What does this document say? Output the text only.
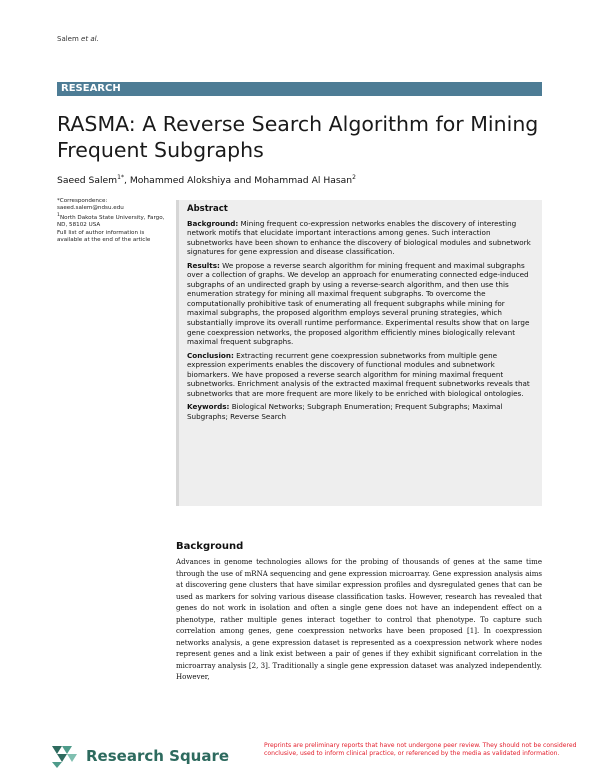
Salem et al.
RESEARCH
RASMA: A Reverse Search Algorithm for Mining Frequent Subgraphs
Saeed Salem$^{1*}$, Mohammed Alokshiya and Mohammad Al Hasan$^2$

*Correspondence:

saeed.salem@ndsu.edu

$^1$North Dakota State University, Fargo, ND, 58102 USA

Full list of author information is available at the end of the article

Abstract

Background: Mining frequent co-expression networks enables the discovery of interesting network motifs that elucidate important interactions among genes. Such interaction subnetworks have been shown to enhance the discovery of biological modules and subnetwork signatures for gene expression and disease classification.

Results: We propose a reverse search algorithm for mining frequent and maximal subgraphs over a collection of graphs. We develop an approach for enumerating connected edge-induced subgraphs of an undirected graph by using a reverse-search algorithm, and then use this enumeration strategy for mining all maximal frequent subgraphs. To overcome the computationally prohibitive task of enumerating all frequent subgraphs while mining for maximal subgraphs, the proposed algorithm employs several pruning strategies, which substantially improve its overall runtime performance. Experimental results show that on large gene coexpression networks, the proposed algorithm efficiently mines biologically relevant maximal frequent subgraphs.

Conclusion: Extracting recurrent gene coexpression subnetworks from multiple gene expression experiments enables the discovery of functional modules and subnetwork biomarkers. We have proposed a reverse search algorithm for mining maximal frequent subnetworks. Enrichment analysis of the extracted maximal frequent subnetworks reveals that subnetworks that are more frequent are more likely to be enriched with biological ontologies.

Keywords: Biological Networks; Subgraph Enumeration; Frequent Subgraphs; Maximal Subgraphs; Reverse Search

Background

Advances in genome technologies allows for the probing of thousands of genes at the same time through the use of mRNA sequencing and gene expression microarray. Gene expression analysis aims at discovering gene clusters that have similar expression profiles and dysregulated genes that can be used as markers for solving various disease classification tasks. However, research has revealed that genes do not work in isolation and often a single gene does not have an independent effect on a phenotype, rather multiple genes interact together to control that phenotype. To capture such correlation among genes, gene coexpression networks have been proposed [1]. In coexpression networks analysis, a gene expression dataset is represented as a coexpression network where nodes represent genes and a link exist between a pair of genes if they exhibit significant correlation in the microarray analysis [2, 3]. Traditionally a single gene expression dataset was analyzed independently. However,

Research Square
Preprints are preliminary reports that have not undergone peer review. They should not be considered conclusive, used to inform clinical practice, or referenced by the media as validated information.
